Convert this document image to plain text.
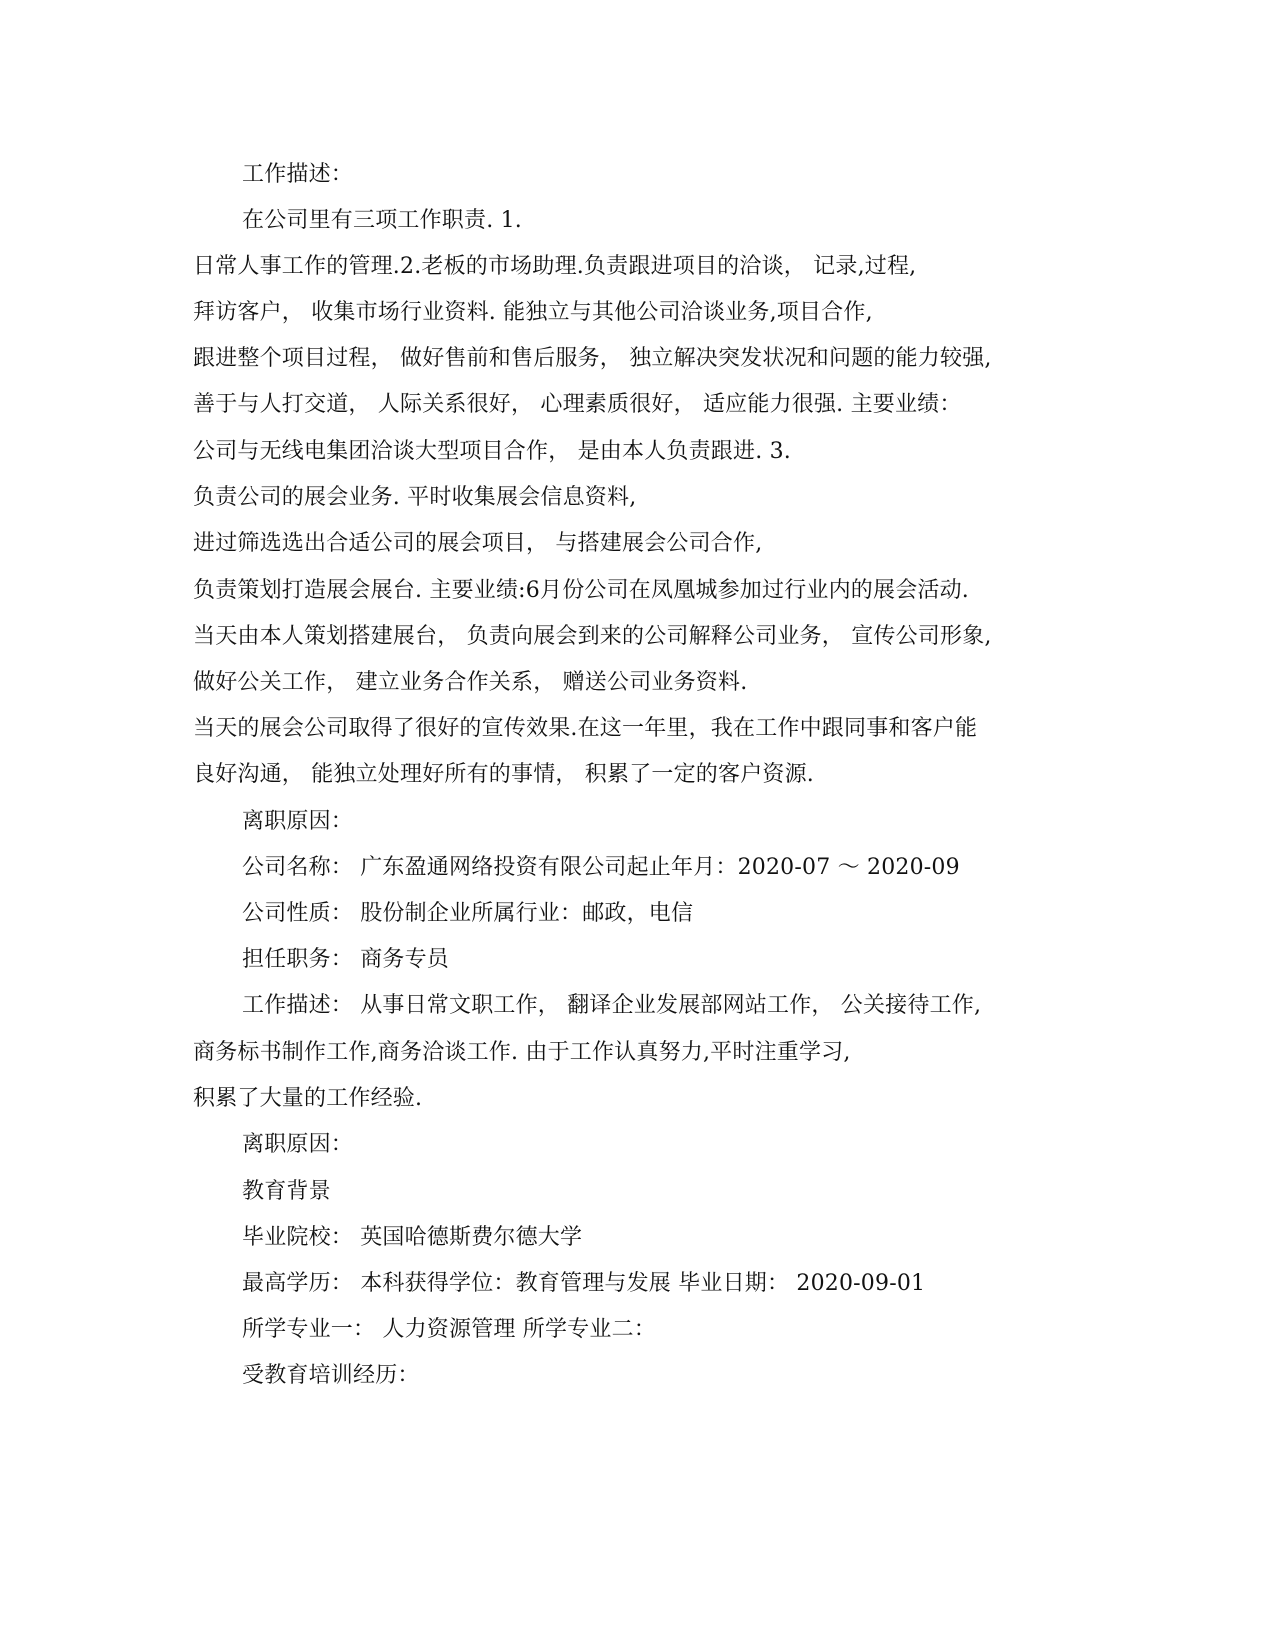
工作描述：
在公司里有三项工作职责. 1.
日常人事工作的管理.2.老板的市场助理.负责跟进项目的洽谈， 记录,过程,
拜访客户， 收集市场行业资料. 能独立与其他公司洽谈业务,项目合作,
跟进整个项目过程， 做好售前和售后服务， 独立解决突发状况和问题的能力较强,
善于与人打交道， 人际关系很好， 心理素质很好， 适应能力很强. 主要业绩：
公司与无线电集团洽谈大型项目合作， 是由本人负责跟进. 3.
负责公司的展会业务. 平时收集展会信息资料,
进过筛选选出合适公司的展会项目， 与搭建展会公司合作,
负责策划打造展会展台. 主要业绩:6月份公司在凤凰城参加过行业内的展会活动.
当天由本人策划搭建展台， 负责向展会到来的公司解释公司业务， 宣传公司形象,
做好公关工作， 建立业务合作关系， 赠送公司业务资料.
当天的展会公司取得了很好的宣传效果.在这一年里，我在工作中跟同事和客户能
良好沟通， 能独立处理好所有的事情， 积累了一定的客户资源.
离职原因：
公司名称： 广东盈通网络投资有限公司起止年月：2020-07 ～ 2020-09
公司性质： 股份制企业所属行业：邮政，电信
担任职务： 商务专员
工作描述： 从事日常文职工作， 翻译企业发展部网站工作， 公关接待工作,
商务标书制作工作,商务洽谈工作. 由于工作认真努力,平时注重学习,
积累了大量的工作经验.
离职原因：
教育背景
毕业院校： 英国哈德斯费尔德大学
最高学历： 本科获得学位：教育管理与发展 毕业日期： 2020-09-01
所学专业一： 人力资源管理 所学专业二：
受教育培训经历：
